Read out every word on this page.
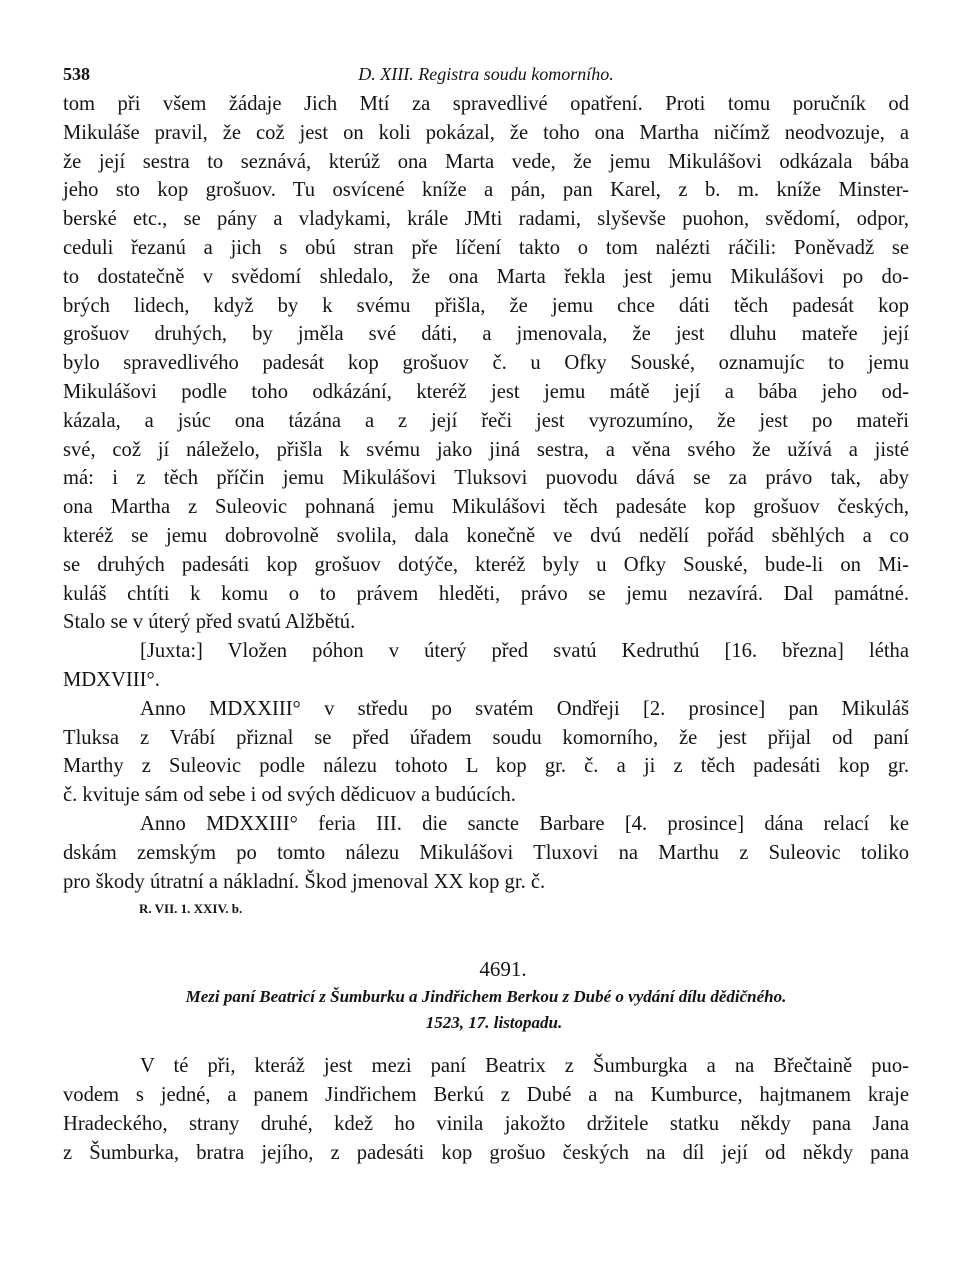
538	D. XIII. Registra soudu komorního.
tom při všem žádaje Jich Mtí za spravedlivé opatření. Proti tomu poručník od
Mikuláše pravil, že což jest on koli pokázal, že toho ona Martha ničímž neodvozuje, a
že její sestra to seznává, kterúž ona Marta vede, že jemu Mikulášovi odkázala bába
jeho sto kop grošuov. Tu osvícené kníže a pán, pan Karel, z b. m. kníže Minster-
berské etc., se pány a vladykami, krále JMti radami, slyševše puohon, svědomí, odpor,
ceduli řezanú a jich s obú stran pře líčení takto o tom nalézti ráčili: Poněvadž se
to dostatečně v svědomí shledalo, že ona Marta řekla jest jemu Mikulášovi po do-
brých lidech, když by k svému přišla, že jemu chce dáti těch padesát kop
grošuov druhých, by jměla své dáti, a jmenovala, že jest dluhu mateře její
bylo spravedlivého padesát kop grošuov č. u Ofky Souské, oznamujíc to jemu
Mikulášovi podle toho odkázání, kteréž jest jemu mátě její a bába jeho od-
kázala, a jsúc ona tázána a z její řeči jest vyrozumíno, že jest po mateři
své, což jí náleželo, přišla k svému jako jiná sestra, a věna svého že užívá a jisté
má: i z těch příčin jemu Mikulášovi Tluksovi puovodu dává se za právo tak, aby
ona Martha z Suleovic pohnaná jemu Mikulášovi těch padesáte kop grošuov českých,
kteréž se jemu dobrovolně svolila, dala konečně ve dvú nedělí pořád sběhlých a co
se druhých padesáti kop grošuov dotýče, kteréž byly u Ofky Souské, bude-li on Mi-
kuláš chtíti k komu o to právem hleděti, právo se jemu nezavírá. Dal památné.
Stalo se v úterý před svatú Alžbětú.
[Juxta:] Vložen póhon v úterý před svatú Kedruthú [16. března] létha
MDXVIII°.
Anno MDXXIII° v středu po svatém Ondřeji [2. prosince] pan Mikuláš
Tluksa z Vrábí přiznal se před úřadem soudu komorního, že jest přijal od paní
Marthy z Suleovic podle nálezu tohoto L kop gr. č. a ji z těch padesáti kop gr.
č. kvituje sám od sebe i od svých dědicuov a budúcích.
Anno MDXXIII° feria III. die sancte Barbare [4. prosince] dána relací ke
dskám zemským po tomto nálezu Mikulášovi Tluxovi na Marthu z Suleovic toliko
pro škody útratní a nákladní. Škod jmenoval XX kop gr. č.
R. VII. 1. XXIV. b.
4691.
Mezi paní Beatricí z Šumburku a Jindřichem Berkou z Dubé o vydání dílu dědičného.
1523, 17. listopadu.
V té při, kteráž jest mezi paní Beatrix z Šumburgka a na Břečtaině puo-
vodem s jedné, a panem Jindřichem Berkú z Dubé a na Kumburce, hajtmanem kraje
Hradeckého, strany druhé, kdež ho vinila jakožto držitele statku někdy pana Jana
z Šumburka, bratra jejího, z padesáti kop grošuo českých na díl její od někdy pana
